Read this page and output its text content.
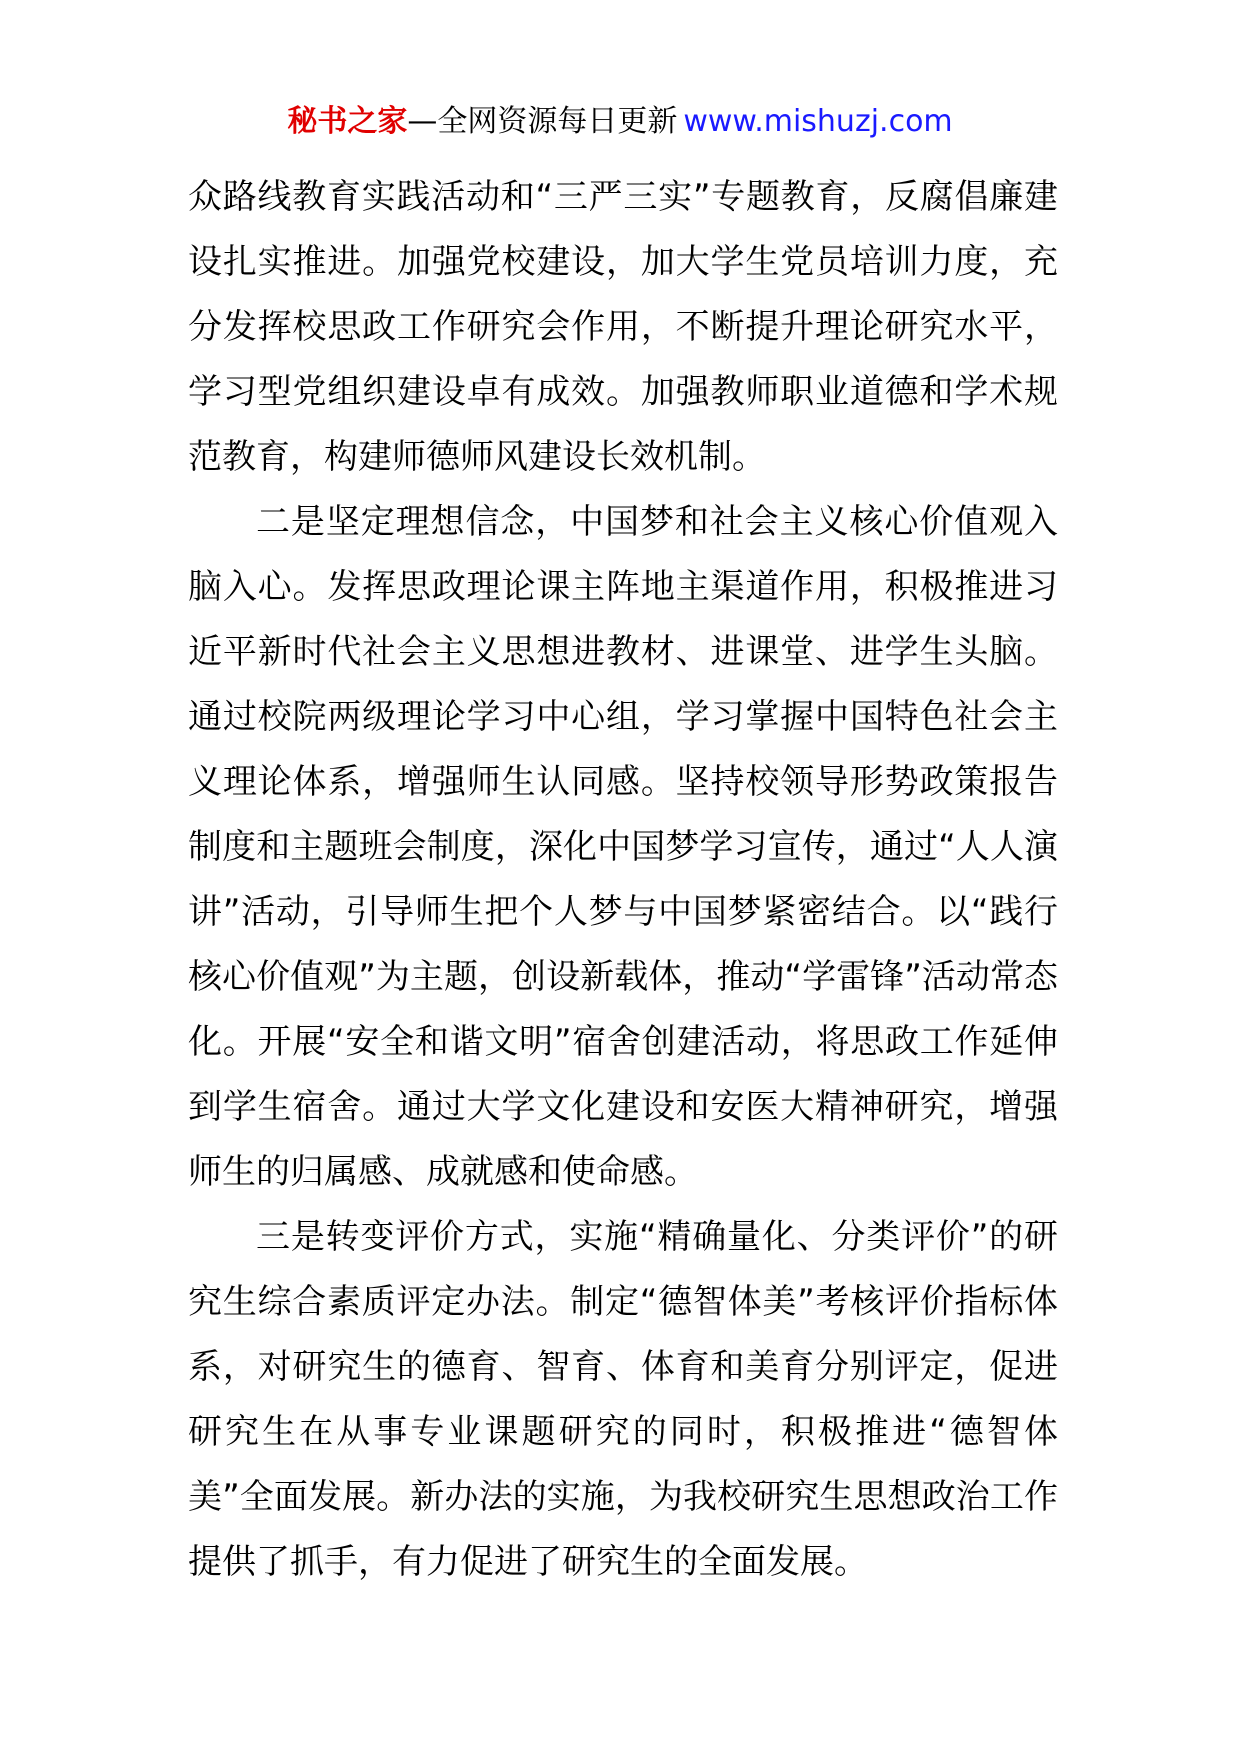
秘书之家—全网资源每日更新 www.mishuzj.com

众路线教育实践活动和“三严三实”专题教育，反腐倡廉建设扎实推进。加强党校建设，加大学生党员培训力度，充分发挥校思政工作研究会作用，不断提升理论研究水平，学习型党组织建设卓有成效。加强教师职业道德和学术规范教育，构建师德师风建设长效机制。

二是坚定理想信念，中国梦和社会主义核心价值观入脑入心。发挥思政理论课主阵地主渠道作用，积极推进习近平新时代社会主义思想进教材、进课堂、进学生头脑。通过校院两级理论学习中心组，学习掌握中国特色社会主义理论体系，增强师生认同感。坚持校领导形势政策报告制度和主题班会制度，深化中国梦学习宣传，通过“人人演讲”活动，引导师生把个人梦与中国梦紧密结合。以“践行核心价值观”为主题，创设新载体，推动“学雷锋”活动常态化。开展“安全和谐文明”宿舍创建活动，将思政工作延伸到学生宿舍。通过大学文化建设和安医大精神研究，增强师生的归属感、成就感和使命感。

三是转变评价方式，实施“精确量化、分类评价”的研究生综合素质评定办法。制定“德智体美”考核评价指标体系，对研究生的德育、智育、体育和美育分别评定，促进研究生在从事专业课题研究的同时，积极推进“德智体美”全面发展。新办法的实施，为我校研究生思想政治工作提供了抓手，有力促进了研究生的全面发展。
